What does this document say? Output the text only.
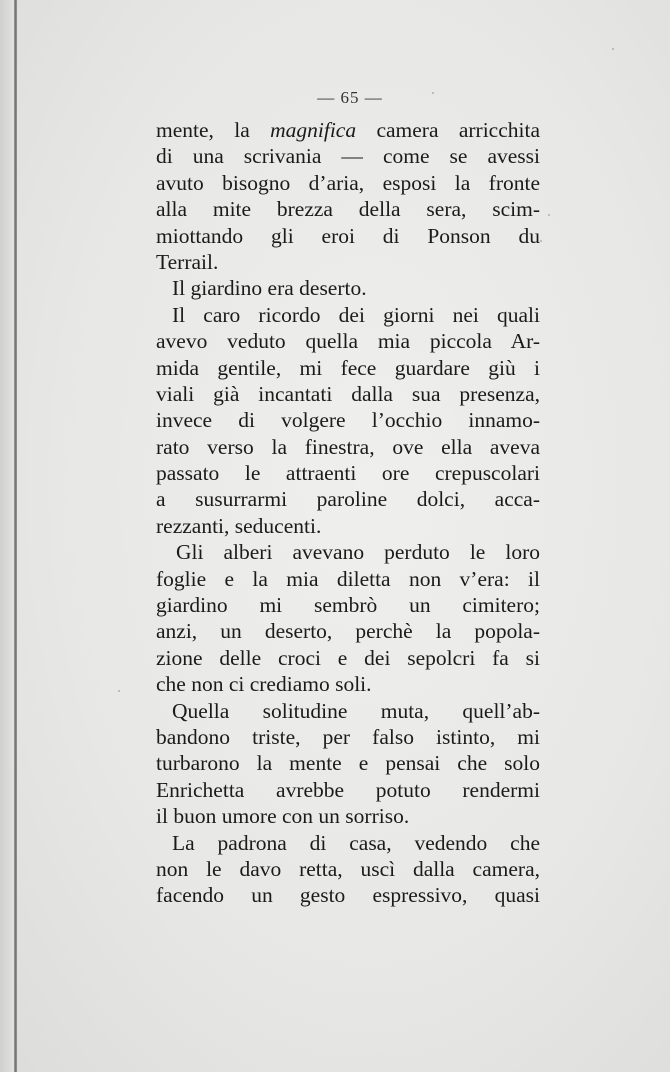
— 65 —
mente, la magnifica camera arricchita
di una scrivania — come se avessi
avuto bisogno d’aria, esposi la fronte
alla mite brezza della sera, scim-
miottando gli eroi di Ponson du
Terrail.
Il giardino era deserto.
Il caro ricordo dei giorni nei quali
avevo veduto quella mia piccola Ar-
mida gentile, mi fece guardare giù i
viali già incantati dalla sua presenza,
invece di volgere l’occhio innamo-
rato verso la finestra, ove ella aveva
passato le attraenti ore crepuscolari
a susurrarmi paroline dolci, acca-
rezzanti, seducenti.
Gli alberi avevano perduto le loro
foglie e la mia diletta non v’era: il
giardino mi sembrò un cimitero;
anzi, un deserto, perchè la popola-
zione delle croci e dei sepolcri fa si
che non ci crediamo soli.
Quella solitudine muta, quell’ab-
bandono triste, per falso istinto, mi
turbarono la mente e pensai che solo
Enrichetta avrebbe potuto rendermi
il buon umore con un sorriso.
La padrona di casa, vedendo che
non le davo retta, uscì dalla camera,
facendo un gesto espressivo, quasi
